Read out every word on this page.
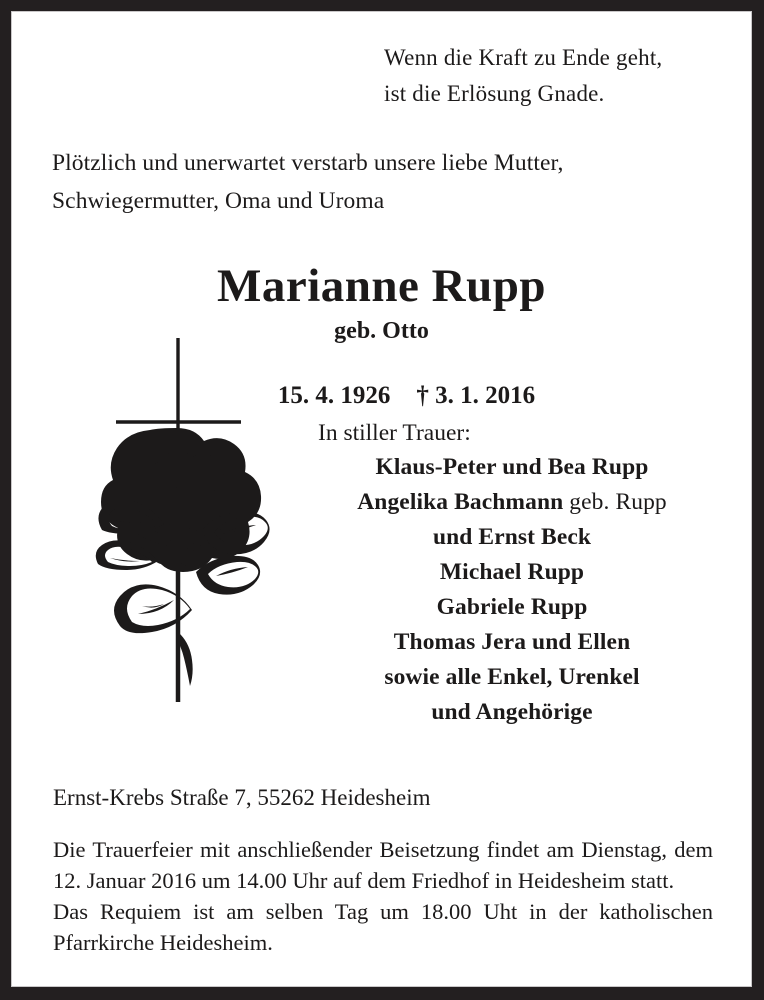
Wenn die Kraft zu Ende geht,
ist die Erlösung Gnade.
Plötzlich und unerwartet verstarb unsere liebe Mutter,
Schwiegermutter, Oma und Uroma
Marianne Rupp
geb. Otto

15. 4. 1926 † 3. 1. 2016

In stiller Trauer:
Klaus-Peter und Bea Rupp
Angelika Bachmann geb. Rupp
und Ernst Beck
Michael Rupp
Gabriele Rupp
Thomas Jera und Ellen
sowie alle Enkel, Urenkel
und Angehörige
Ernst-Krebs Straße 7, 55262 Heidesheim

Die Trauerfeier mit anschließender Beisetzung findet am Dienstag, dem 12. Januar 2016 um 14.00 Uhr auf dem Friedhof in Heidesheim statt.

Das Requiem ist am selben Tag um 18.00 Uht in der katholischen Pfarrkirche Heidesheim.
